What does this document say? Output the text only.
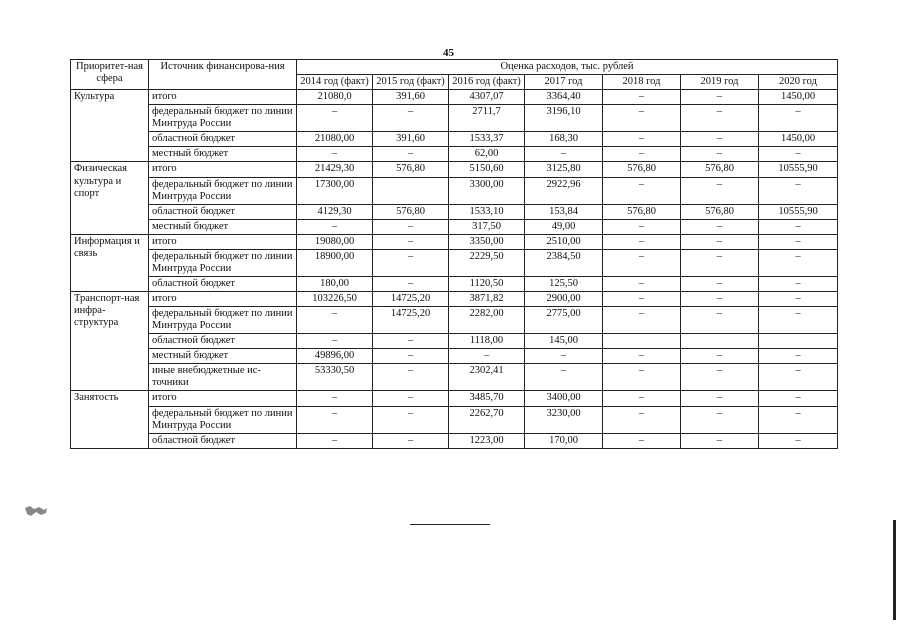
45
Приоритет-ная сфера	Источник финансирова-ния	Оценка расходов, тыс. рублей						
		2014 год (факт)	2015 год (факт)	2016 год (факт)	2017 год	2018 год	2019 год	2020 год
Культура	итого	21080,0	391,60	4307,07	3364,40	–	–	1450,00
	федеральный бюджет по линии Минтруда России	–	–	2711,7	3196,10	–	–	–
	областной бюджет	21080,00	391,60	1533,37	168,30	–	–	1450,00
	местный бюджет	–	–	62,00	–	–	–	–
Физическая культура и спорт	итого	21429,30	576,80	5150,60	3125,80	576,80	576,80	10555,90
	федеральный бюджет по линии Минтруда России	17300,00		3300,00	2922,96	–	–	–
	областной бюджет	4129,30	576,80	1533,10	153,84	576,80	576,80	10555,90
	местный бюджет	–	–	317,50	49,00	–	–	–
Информация и связь	итого	19080,00	–	3350,00	2510,00	–	–	–
	федеральный бюджет по линии Минтруда России	18900,00	–	2229,50	2384,50	–	–	–
	областной бюджет	180,00	–	1120,50	125,50	–	–	–
Транспорт-ная инфра-структура	итого	103226,50	14725,20	3871,82	2900,00	–	–	–
	федеральный бюджет по линии Минтруда России	–	14725,20	2282,00	2775,00	–	–	–
	областной бюджет	–	–	1118,00	145,00			
	местный бюджет	49896,00	–	–	–	–	–	–
	иные внебюджетные ис-точники	53330,50	–	2302,41	–	–	–	–
Занятость	итого	–	–	3485,70	3400,00	–	–	–
	федеральный бюджет по линии Минтруда России	–	–	2262,70	3230,00	–	–	–
	областной бюджет	–	–	1223,00	170,00	–	–	–
